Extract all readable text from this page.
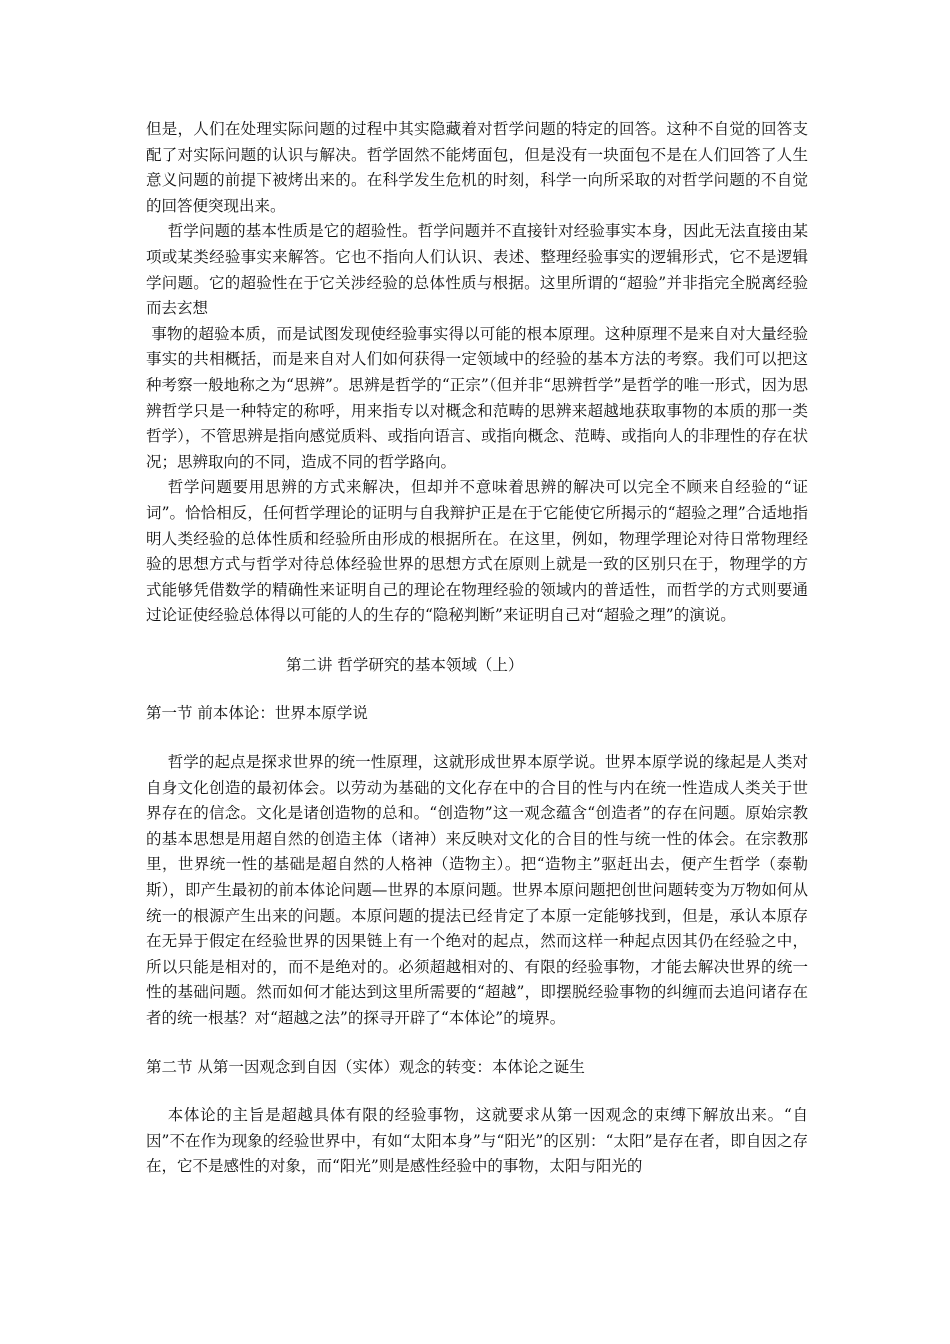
但是，人们在处理实际问题的过程中其实隐藏着对哲学问题的特定的回答。这种不自觉的回答支配了对实际问题的认识与解决。哲学固然不能烤面包，但是没有一块面包不是在人们回答了人生意义问题的前提下被烤出来的。在科学发生危机的时刻，科学一向所采取的对哲学问题的不自觉的回答便突现出来。

哲学问题的基本性质是它的超验性。哲学问题并不直接针对经验事实本身，因此无法直接由某项或某类经验事实来解答。它也不指向人们认识、表述、整理经验事实的逻辑形式，它不是逻辑学问题。它的超验性在于它关涉经验的总体性质与根据。这里所谓的“超验”并非指完全脱离经验而去玄想

事物的超验本质，而是试图发现使经验事实得以可能的根本原理。这种原理不是来自对大量经验事实的共相概括，而是来自对人们如何获得一定领域中的经验的基本方法的考察。我们可以把这种考察一般地称之为“思辨”。思辨是哲学的“正宗”（但并非“思辨哲学”是哲学的唯一形式，因为思辨哲学只是一种特定的称呼，用来指专以对概念和范畴的思辨来超越地获取事物的本质的那一类哲学），不管思辨是指向感觉质料、或指向语言、或指向概念、范畴、或指向人的非理性的存在状况；思辨取向的不同，造成不同的哲学路向。

哲学问题要用思辨的方式来解决，但却并不意味着思辨的解决可以完全不顾来自经验的“证词”。恰恰相反，任何哲学理论的证明与自我辩护正是在于它能使它所揭示的“超验之理”合适地指明人类经验的总体性质和经验所由形成的根据所在。在这里，例如，物理学理论对待日常物理经验的思想方式与哲学对待总体经验世界的思想方式在原则上就是一致的区别只在于，物理学的方式能够凭借数学的精确性来证明自己的理论在物理经验的领域内的普适性，而哲学的方式则要通过论证使经验总体得以可能的人的生存的“隐秘判断”来证明自己对“超验之理”的演说。

第二讲 哲学研究的基本领域（上）

第一节 前本体论：世界本原学说

哲学的起点是探求世界的统一性原理，这就形成世界本原学说。世界本原学说的缘起是人类对自身文化创造的最初体会。以劳动为基础的文化存在中的合目的性与内在统一性造成人类关于世界存在的信念。文化是诸创造物的总和。“创造物”这一观念蕴含“创造者”的存在问题。原始宗教的基本思想是用超自然的创造主体（诸神）来反映对文化的合目的性与统一性的体会。在宗教那里，世界统一性的基础是超自然的人格神（造物主）。把“造物主”驱赶出去，便产生哲学（泰勒斯），即产生最初的前本体论问题—世界的本原问题。世界本原问题把创世问题转变为万物如何从统一的根源产生出来的问题。本原问题的提法已经肯定了本原一定能够找到，但是，承认本原存在无异于假定在经验世界的因果链上有一个绝对的起点，然而这样一种起点因其仍在经验之中，所以只能是相对的，而不是绝对的。必须超越相对的、有限的经验事物，才能去解决世界的统一性的基础问题。然而如何才能达到这里所需要的“超越”，即摆脱经验事物的纠缠而去追问诸存在者的统一根基？对“超越之法”的探寻开辟了“本体论”的境界。

第二节 从第一因观念到自因（实体）观念的转变：本体论之诞生

本体论的主旨是超越具体有限的经验事物，这就要求从第一因观念的束缚下解放出来。“自因”不在作为现象的经验世界中，有如“太阳本身”与“阳光”的区别：“太阳”是存在者，即自因之存在，它不是感性的对象，而“阳光”则是感性经验中的事物，太阳与阳光的
